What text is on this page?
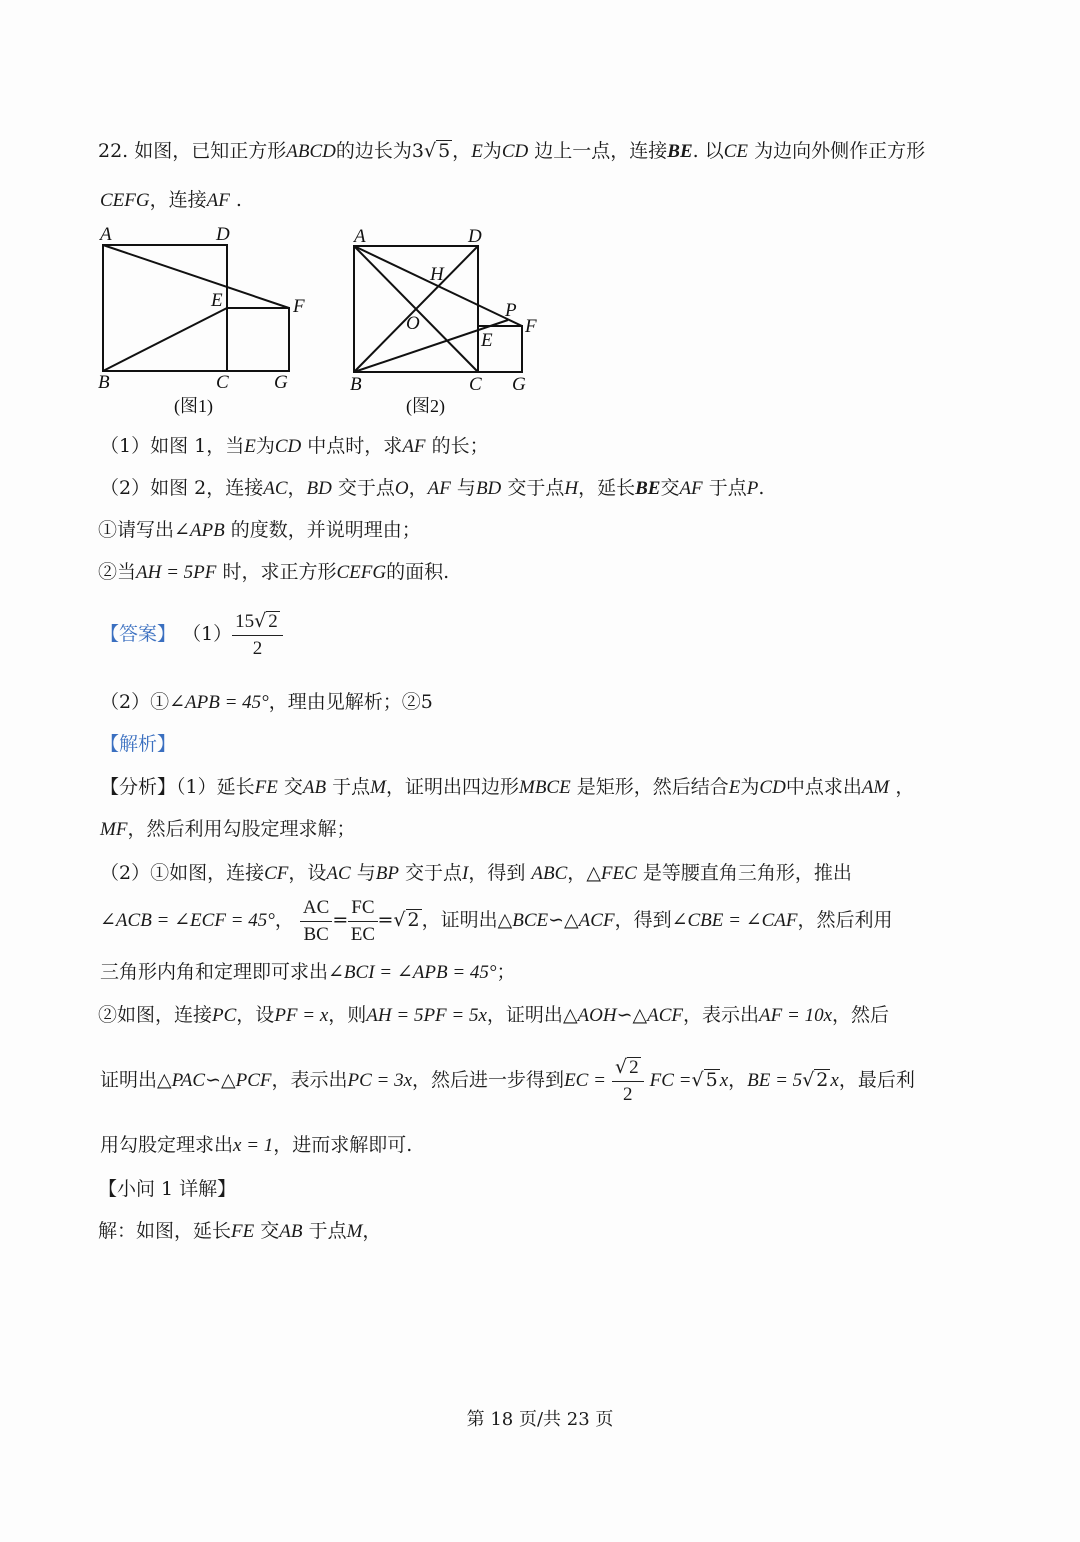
22. 如图，已知正方形ABCD的边长为3√ 5 ，E为CD 边上一点，连接BE. 以CE 为边向外侧作正方形
CEFG，连接AF .
A	D
E	F
B	C G
(图1)
A	D
H
O
P
F
E
B	C G
(图2)
（1）如图 1，当E为CD 中点时，求AF 的长；
（2）如图 2，连接AC，BD 交于点O，AF 与BD 交于点H，延长BE交AF 于点P.
①请写出∠APB 的度数，并说明理由；
②当AH = 5PF 时，求正方形CEFG的面积.
【答案】 $(1) \frac{15√ 2}{2}$
（2）①∠APB = 45°，理由见解析；②5
【解析】
【分析】（1）延长FE 交AB 于点M，证明出四边形MBCE 是矩形，然后结合E为CD中点求出AM ，
MF，然后利用勾股定理求解；
（2）①如图，连接CF，设AC 与BP 交于点I，得到 ABC，△FEC 是等腰直角三角形，推出
∠ACB = ∠ECF = 45°， $\frac{AC}{BC} = \frac{FC}{EC}$ =√ 2 ，证明出△BCE∽△ACF，得到∠CBE = ∠CAF，然后利用
三角形内角和定理即可求出∠BCI = ∠APB = 45°；
②如图，连接PC，设PF = x，则AH = 5PF = 5x，证明出△AOH∽△ACF，表示出AF = 10x，然后
证明出△PAC∽△PCF，表示出PC = 3x，然后进一步得到EC = $\frac{√ 2}{2}$ FC =√ 5 x，BE = 5√ 2 x，最后利
用勾股定理求出x = 1，进而求解即可.
【小问 1 详解】
解：如图，延长FE 交AB 于点M，
第 18 页/共 23 页
